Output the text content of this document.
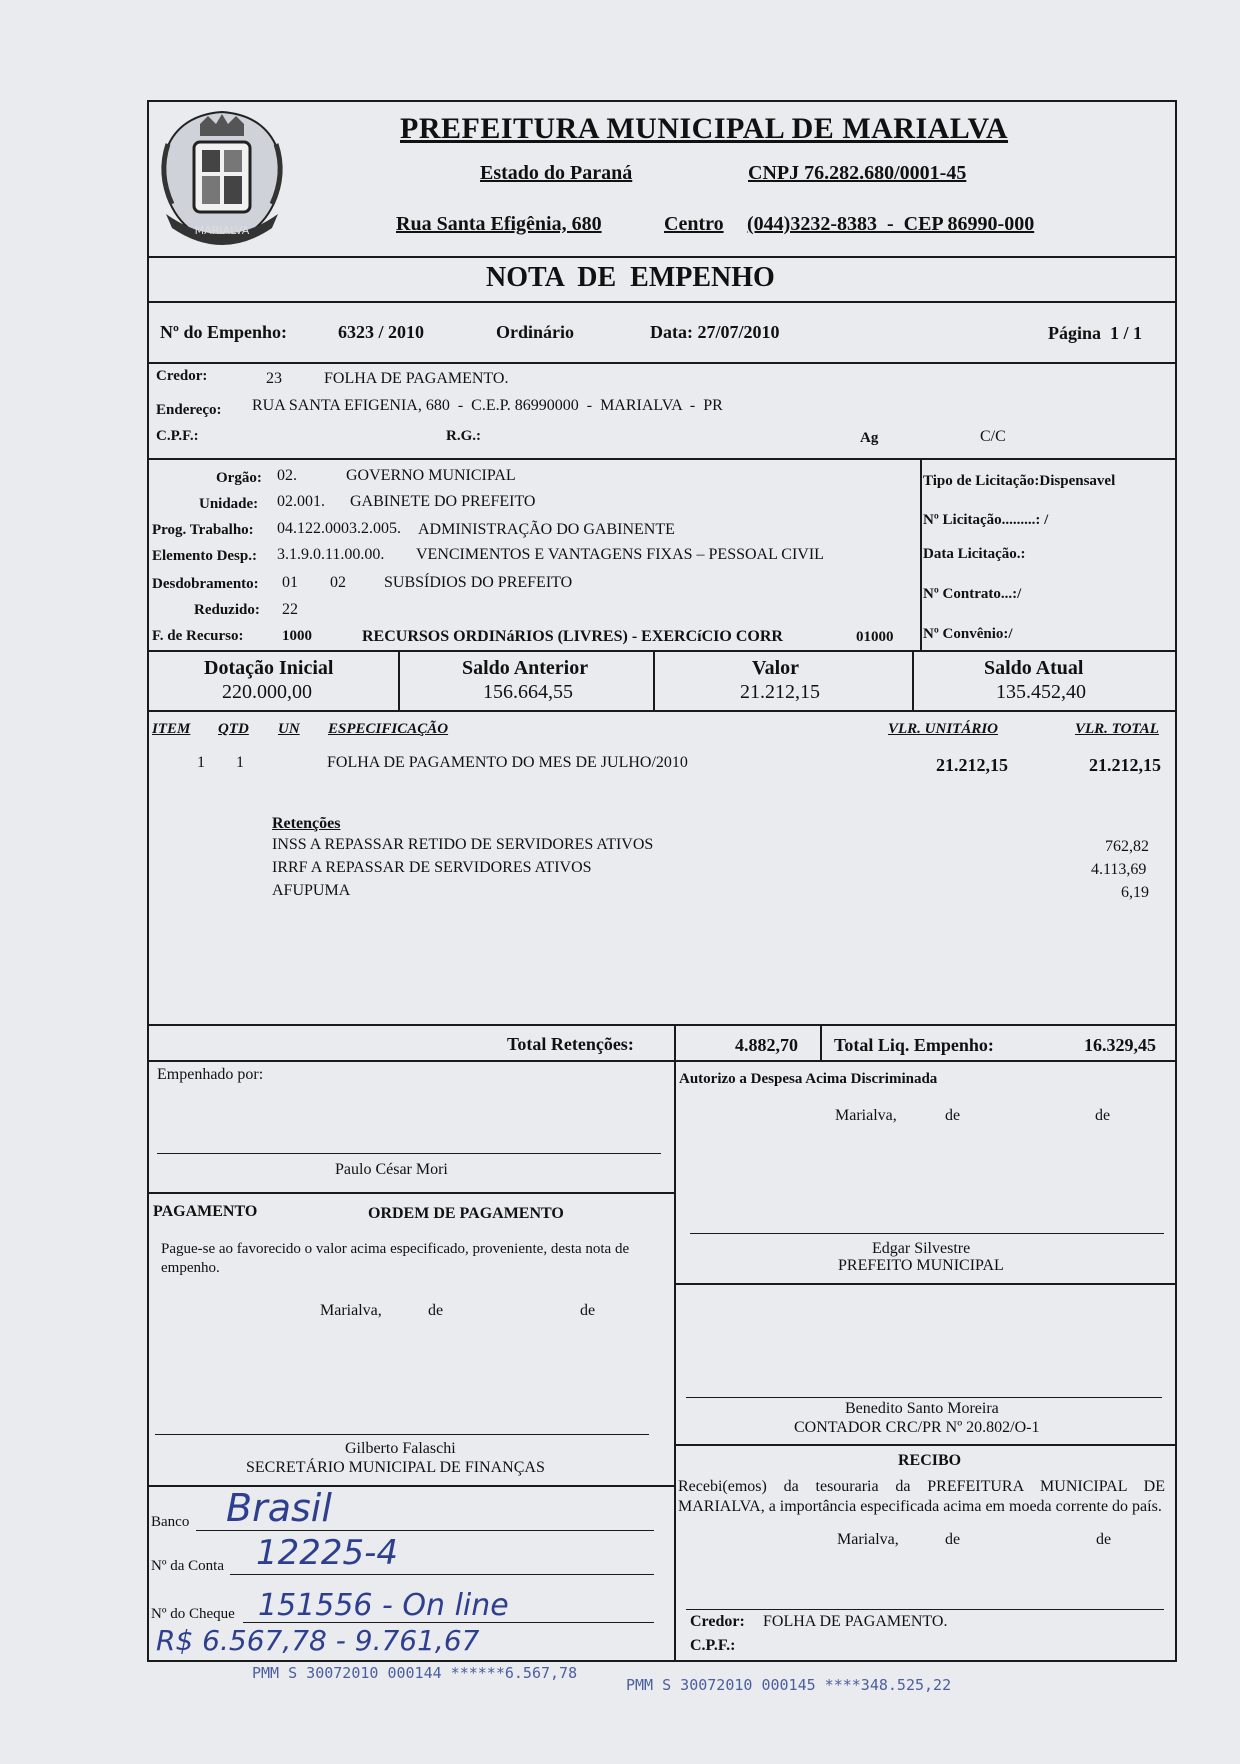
MARIALVA
PREFEITURA MUNICIPAL DE MARIALVA
Estado do Paraná	CNPJ 76.282.680/0001-45
Rua Santa Efigênia, 680	Centro (044)3232-8383  -  CEP 86990-000
NOTA  DE  EMPENHO
Nº do Empenho:	6323 / 2010	Ordinário	Data: 27/07/2010	Página  1 / 1
Credor:	23	FOLHA DE PAGAMENTO.
Endereço: RUA SANTA EFIGENIA, 680  -  C.E.P. 86990000  -  MARIALVA  -  PR
C.P.F.:	R.G.:	Ag	C/C
Orgão: 02.	GOVERNO MUNICIPAL
Unidade: 02.001. GABINETE DO PREFEITO
Prog. Trabalho: 04.122.0003.2.005. ADMINISTRAÇÃO DO GABINENTE
Elemento Desp.: 3.1.9.0.11.00.00. VENCIMENTOS E VANTAGENS FIXAS – PESSOAL CIVIL
Desdobramento: 01 02 SUBSÍDIOS DO PREFEITO
Reduzido: 22
F. de Recurso:	1000	RECURSOS ORDINáRIOS (LIVRES) - EXERCíCIO CORR	01000
Tipo de Licitação:Dispensavel
Nº Licitação.........: /
Data Licitação.:
Nº Contrato...:/
Nº Convênio:/
Dotação Inicial
220.000,00
Saldo Anterior
156.664,55
Valor
21.212,15
Saldo Atual
135.452,40
ITEM QTD UN ESPECIFICAÇÃO	VLR. UNITÁRIO	VLR. TOTAL
1 1	FOLHA DE PAGAMENTO DO MES DE JULHO/2010	21.212,15	21.212,15
Retenções
INSS A REPASSAR RETIDO DE SERVIDORES ATIVOS	762,82
IRRF A REPASSAR DE SERVIDORES ATIVOS	4.113,69
AFUPUMA	6,19
Total Retenções:	4.882,70 Total Liq. Empenho:	16.329,45
Empenhado por:
Paulo César Mori
Autorizo a Despesa Acima Discriminada
Marialva,	de	de
Edgar Silvestre
PREFEITO MUNICIPAL
PAGAMENTO	ORDEM DE PAGAMENTO
Pague-se ao favorecido o valor acima especificado, proveniente, desta nota de empenho.
Marialva,	de	de
Gilberto Falaschi
SECRETÁRIO MUNICIPAL DE FINANÇAS
Benedito Santo Moreira
CONTADOR CRC/PR Nº 20.802/O-1
RECIBO
Recebi(emos) da tesouraria da PREFEITURA MUNICIPAL DE MARIALVA, a importância especificada acima em moeda corrente do país.
Marialva,	de	de
Credor: FOLHA DE PAGAMENTO.
C.P.F.:
Banco Brasil
Nº da Conta 12225-4
Nº do Cheque 151556 - On line
R$ 6.567,78 - 9.761,67
PMM S 30072010 000144 ******6.567,78
PMM S 30072010 000145 ****348.525,22
